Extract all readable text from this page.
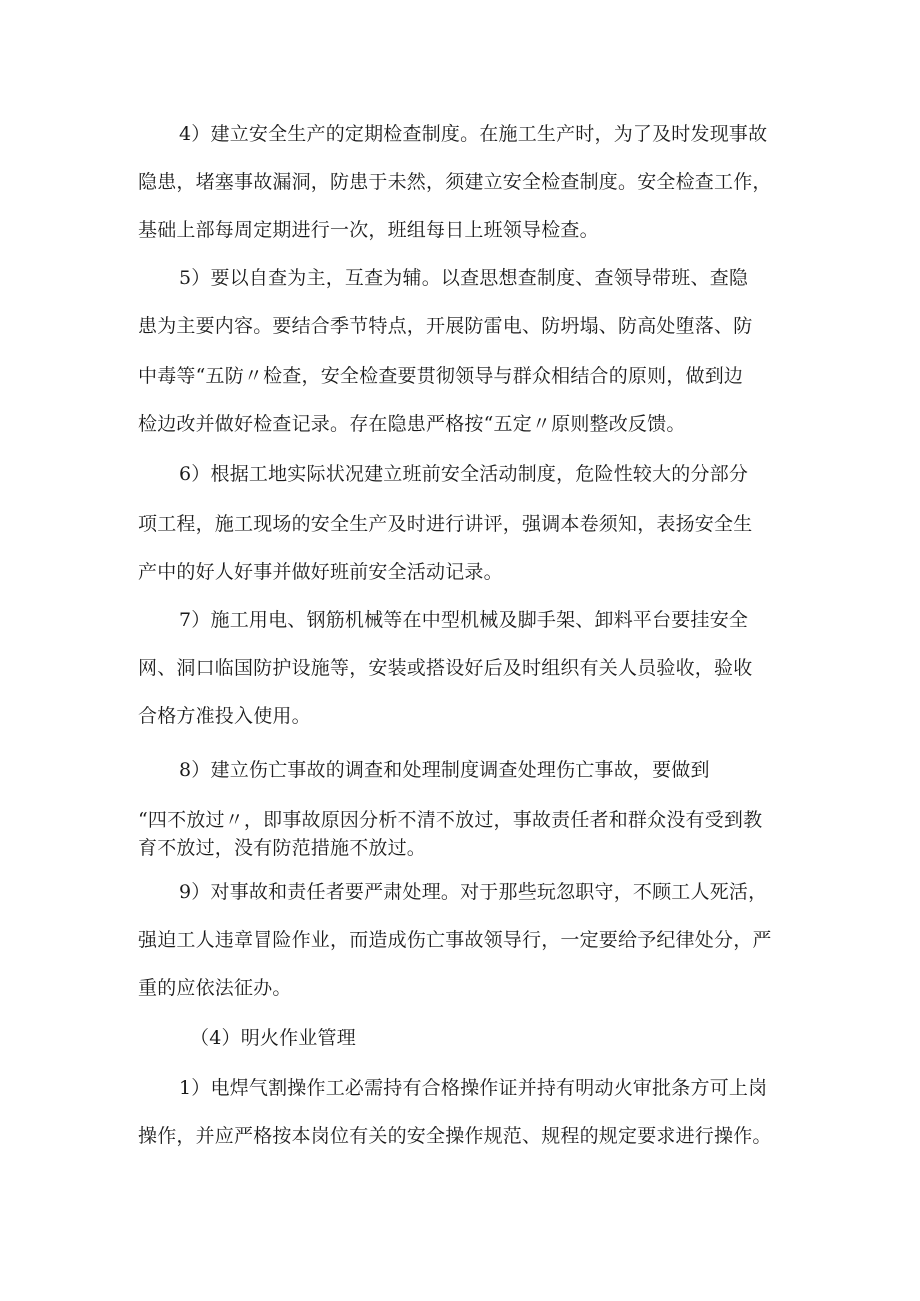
4）建立安全生产的定期检查制度。在施工生产时，为了及时发现事故
隐患，堵塞事故漏洞，防患于未然，须建立安全检查制度。安全检查工作，
基础上部每周定期进行一次，班组每日上班领导检查。
5）要以自查为主，互查为辅。以查思想查制度、查领导带班、查隐
患为主要内容。要结合季节特点，开展防雷电、防坍塌、防高处堕落、防
中毒等“五防〃检查，安全检查要贯彻领导与群众相结合的原则，做到边
检边改并做好检查记录。存在隐患严格按“五定〃原则整改反馈。
6）根据工地实际状况建立班前安全活动制度，危险性较大的分部分
项工程，施工现场的安全生产及时进行讲评，强调本卷须知，表扬安全生
产中的好人好事并做好班前安全活动记录。
7）施工用电、钢筋机械等在中型机械及脚手架、卸料平台要挂安全
网、洞口临国防护设施等，安装或搭设好后及时组织有关人员验收，验收
合格方准投入使用。
8）建立伤亡事故的调查和处理制度调查处理伤亡事故，要做到
“四不放过〃，即事故原因分析不清不放过，事故责任者和群众没有受到教
育不放过，没有防范措施不放过。
9）对事故和责任者要严肃处理。对于那些玩忽职守，不顾工人死活，
强迫工人违章冒险作业，而造成伤亡事故领导行，一定要给予纪律处分，严
重的应依法征办。
（4）明火作业管理
1）电焊气割操作工必需持有合格操作证并持有明动火审批条方可上岗
操作，并应严格按本岗位有关的安全操作规范、规程的规定要求进行操作。
